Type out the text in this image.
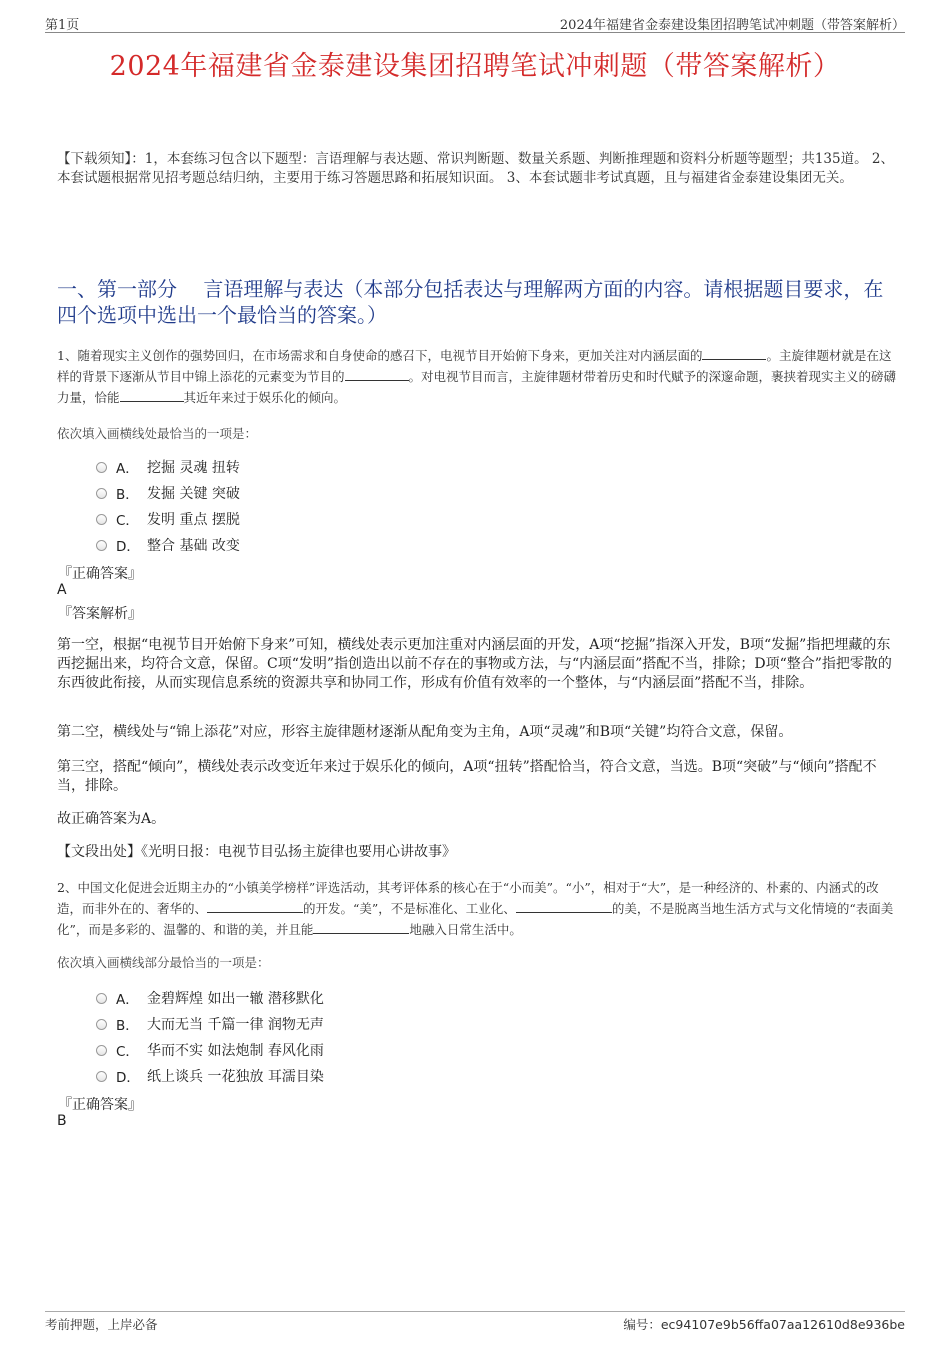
第1页	2024年福建省金泰建设集团招聘笔试冲刺题（带答案解析）
2024年福建省金泰建设集团招聘笔试冲刺题（带答案解析）
【下载须知】：1，本套练习包含以下题型：言语理解与表达题、常识判断题、数量关系题、判断推理题和资料分析题等题型；共135道。 2、本套试题根据常见招考题总结归纳，主要用于练习答题思路和拓展知识面。 3、本套试题非考试真题，且与福建省金泰建设集团无关。
一、第一部分　 言语理解与表达（本部分包括表达与理解两方面的内容。请根据题目要求，在四个选项中选出一个最恰当的答案。）
1、随着现实主义创作的强势回归，在市场需求和自身使命的感召下，电视节目开始俯下身来，更加关注对内涵层面的	。主旋律题材就是在这样的背景下逐渐从节目中锦上添花的元素变为节目的	。对电视节目而言，主旋律题材带着历史和时代赋予的深邃命题，裹挟着现实主义的磅礴力量，恰能	其近年来过于娱乐化的倾向。
依次填入画横线处最恰当的一项是：
A． 挖掘 灵魂 扭转
B． 发掘 关键 突破
C． 发明 重点 摆脱
D． 整合 基础 改变
『正确答案』
A
『答案解析』
第一空，根据“电视节目开始俯下身来”可知，横线处表示更加注重对内涵层面的开发，A项“挖掘”指深入开发，B项“发掘”指把埋藏的东西挖掘出来，均符合文意，保留。C项“发明”指创造出以前不存在的事物或方法，与“内涵层面”搭配不当，排除；D项“整合”指把零散的东西彼此衔接，从而实现信息系统的资源共享和协同工作，形成有价值有效率的一个整体，与“内涵层面”搭配不当，排除。
第二空，横线处与“锦上添花”对应，形容主旋律题材逐渐从配角变为主角，A项“灵魂”和B项“关键”均符合文意，保留。
第三空，搭配“倾向”，横线处表示改变近年来过于娱乐化的倾向，A项“扭转”搭配恰当，符合文意，当选。B项“突破”与“倾向”搭配不当，排除。
故正确答案为A。
【文段出处】《光明日报：电视节目弘扬主旋律也要用心讲故事》
2、中国文化促进会近期主办的“小镇美学榜样”评选活动，其考评体系的核心在于“小而美”。“小”，相对于“大”，是一种经济的、朴素的、内涵式的改造，而非外在的、奢华的、	的开发。“美”，不是标准化、工业化、	的美，不是脱离当地生活方式与文化情境的“表面美化”，而是多彩的、温馨的、和谐的美，并且能	地融入日常生活中。
依次填入画横线部分最恰当的一项是：
A． 金碧辉煌 如出一辙 潜移默化
B． 大而无当 千篇一律 润物无声
C． 华而不实 如法炮制 春风化雨
D． 纸上谈兵 一花独放 耳濡目染
『正确答案』
B
考前押题，上岸必备	编号：ec94107e9b56ffa07aa12610d8e936be
